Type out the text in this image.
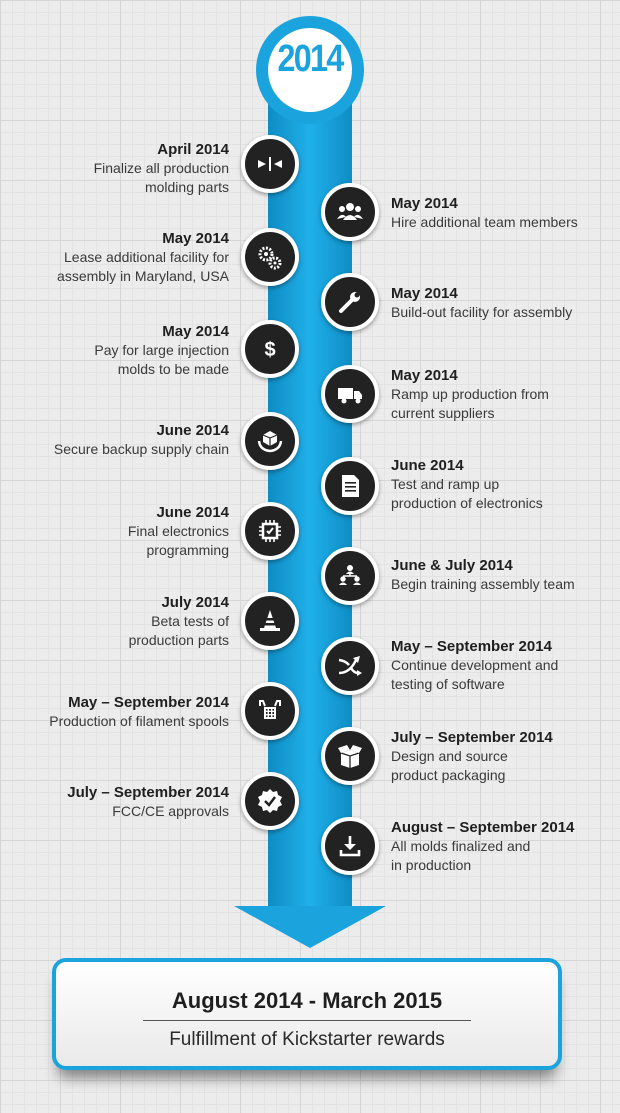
2014
April 2014
Finalize all production
molding parts
May 2014
Hire additional team members
May 2014
Lease additional facility for
assembly in Maryland, USA
May 2014
Build-out facility for assembly
$
May 2014
Pay for large injection
molds to be made	May 2014
Ramp up production from
current suppliers
June 2014
Secure backup supply chain
June 2014
Test and ramp up
production of electronics
June 2014
Final electronics
programming
June & July 2014
Begin training assembly team
July 2014
Beta tests of
production parts	May – September 2014
Continue development and
testing of software
May – September 2014
Production of filament spools
July – September 2014
Design and source
product packaging
July – September 2014
FCC/CE approvals
August – September 2014
All molds finalized and
in production
August 2014 - March 2015
Fulfillment of Kickstarter rewards
